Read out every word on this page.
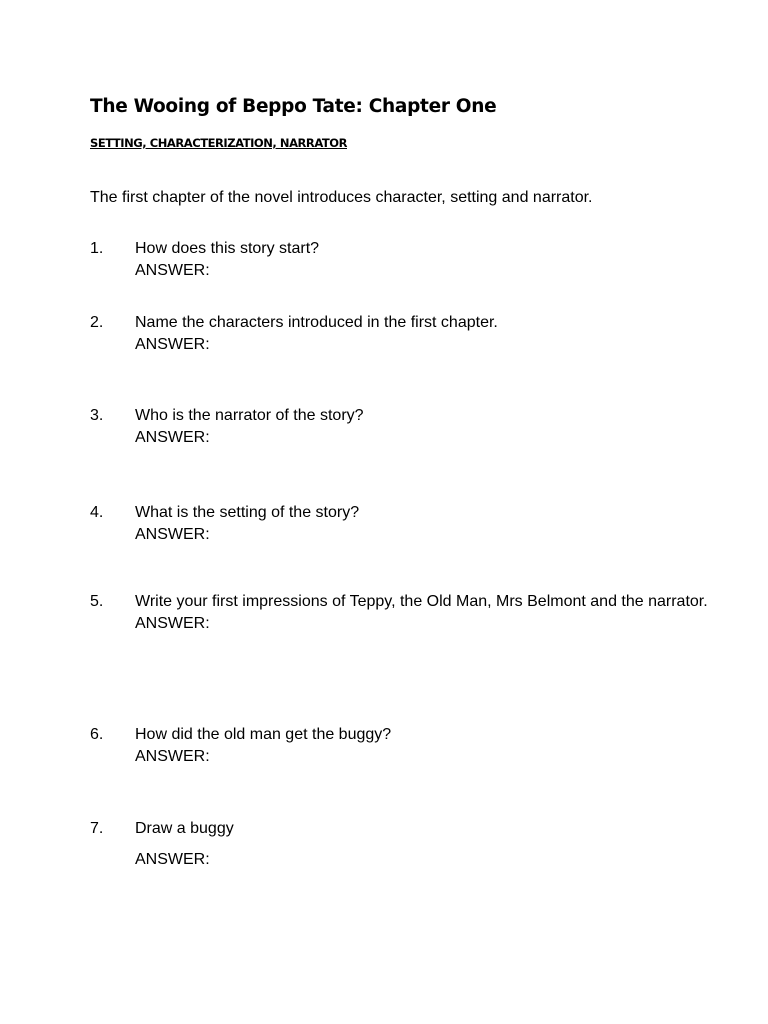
The Wooing of Beppo Tate: Chapter One
SETTING, CHARACTERIZATION, NARRATOR
The first chapter of the novel introduces character, setting and narrator.
1. How does this story start?
ANSWER:
2. Name the characters introduced in the first chapter.
ANSWER:
3. Who is the narrator of the story?
ANSWER:
4. What is the setting of the story?
ANSWER:
5. Write your first impressions of Teppy, the Old Man, Mrs Belmont and the narrator.
ANSWER:
6. How did the old man get the buggy?
ANSWER:
7. Draw a buggy
ANSWER:
